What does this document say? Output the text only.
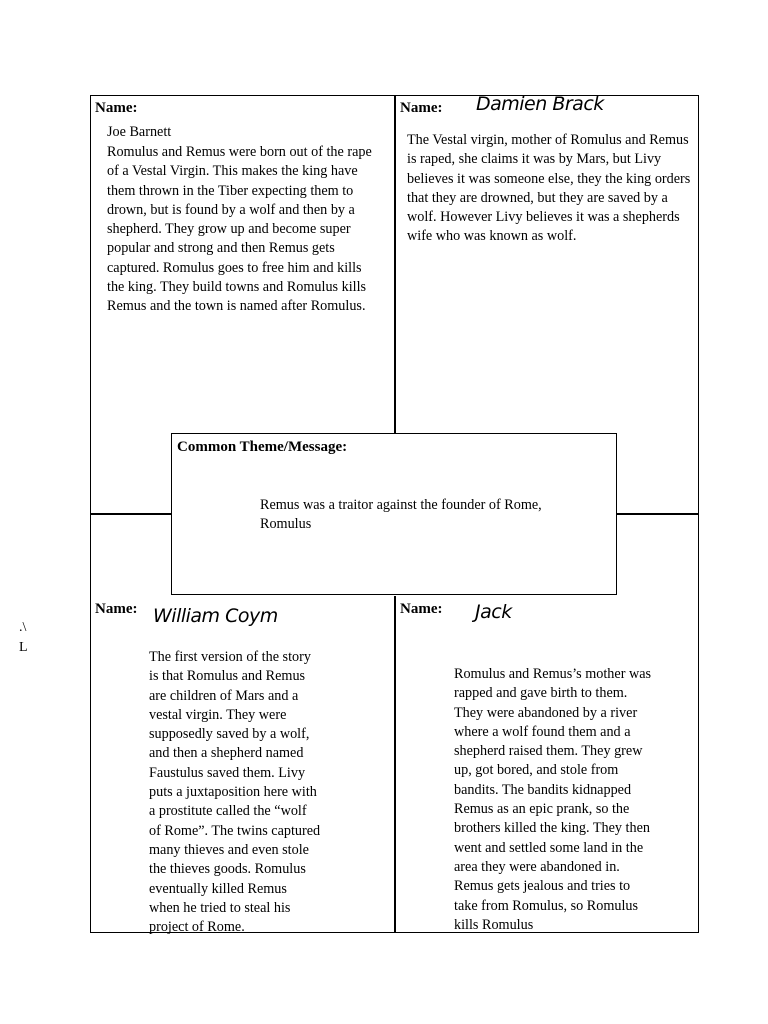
Name:
Joe Barnett

Romulus and Remus were born out of the rape of a Vestal Virgin. This makes the king have them thrown in the Tiber expecting them to drown, but is found by a wolf and then by a shepherd. They grow up and become super popular and strong and then Remus gets captured. Romulus goes to free him and kills the king. They build towns and Romulus kills Remus and the town is named after Romulus.

Name: Damien Brack

The Vestal virgin, mother of Romulus and Remus is raped, she claims it was by Mars, but Livy believes it was someone else, they the king orders that they are drowned, but they are saved by a wolf. However Livy believes it was a shepherds wife who was known as wolf.

Common Theme/Message:

Remus was a traitor against the founder of Rome, Romulus

Name: William Coym

The first version of the story is that Romulus and Remus are children of Mars and a vestal virgin. They were supposedly saved by a wolf, and then a shepherd named Faustulus saved them. Livy puts a juxtaposition here with a prostitute called the “wolf of Rome”. The twins captured many thieves and even stole the thieves goods. Romulus eventually killed Remus when he tried to steal his project of Rome.

Name: Jack

Romulus and Remus’s mother was rapped and gave birth to them. They were abandoned by a river where a wolf found them and a shepherd raised them. They grew up, got bored, and stole from bandits. The bandits kidnapped Remus as an epic prank, so the brothers killed the king. They then went and settled some land in the area they were abandoned in. Remus gets jealous and tries to take from Romulus, so Romulus kills Romulus

.\
L
